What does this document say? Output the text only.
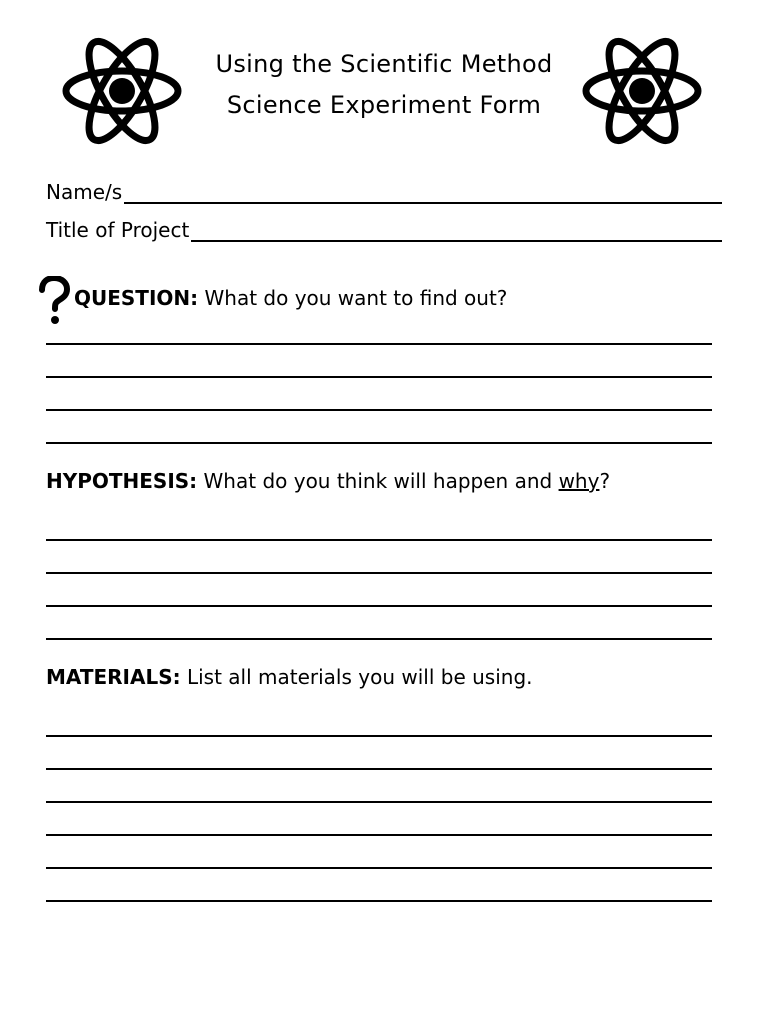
Using the Scientific Method
Science Experiment Form
Name/s
Title of Project
QUESTION: What do you want to find out?
HYPOTHESIS: What do you think will happen and why?
MATERIALS: List all materials you will be using.
